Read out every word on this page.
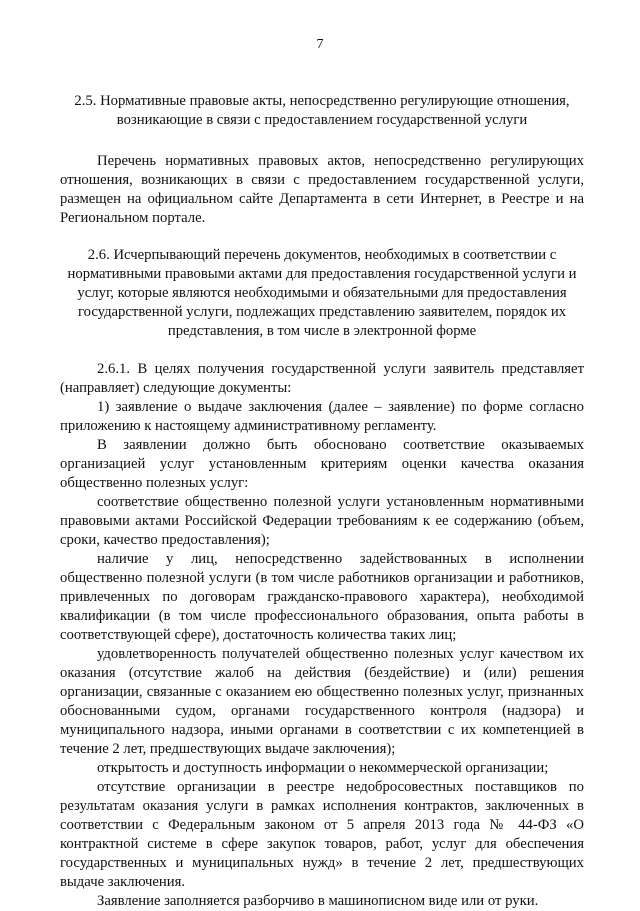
7

2.5. Нормативные правовые акты, непосредственно регулирующие отношения, возникающие в связи с предоставлением государственной услуги

Перечень нормативных правовых актов, непосредственно регулирующих отношения, возникающих в связи с предоставлением государственной услуги, размещен на официальном сайте Департамента в сети Интернет, в Реестре и на Региональном портале.

2.6. Исчерпывающий перечень документов, необходимых в соответствии с нормативными правовыми актами для предоставления государственной услуги и услуг, которые являются необходимыми и обязательными для предоставления государственной услуги, подлежащих представлению заявителем, порядок их представления, в том числе в электронной форме

2.6.1. В целях получения государственной услуги заявитель представляет (направляет) следующие документы:

1) заявление о выдаче заключения (далее – заявление) по форме согласно приложению к настоящему административному регламенту.

В заявлении должно быть обосновано соответствие оказываемых организацией услуг установленным критериям оценки качества оказания общественно полезных услуг:

соответствие общественно полезной услуги установленным нормативными правовыми актами Российской Федерации требованиям к ее содержанию (объем, сроки, качество предоставления);

наличие у лиц, непосредственно задействованных в исполнении общественно полезной услуги (в том числе работников организации и работников, привлеченных по договорам гражданско-правового характера), необходимой квалификации (в том числе профессионального образования, опыта работы в соответствующей сфере), достаточность количества таких лиц;

удовлетворенность получателей общественно полезных услуг качеством их оказания (отсутствие жалоб на действия (бездействие) и (или) решения организации, связанные с оказанием ею общественно полезных услуг, признанных обоснованными судом, органами государственного контроля (надзора) и муниципального надзора, иными органами в соответствии с их компетенцией в течение 2 лет, предшествующих выдаче заключения);

открытость и доступность информации о некоммерческой организации;

отсутствие организации в реестре недобросовестных поставщиков по результатам оказания услуги в рамках исполнения контрактов, заключенных в соответствии с Федеральным законом от 5 апреля 2013 года № 44-ФЗ «О контрактной системе в сфере закупок товаров, работ, услуг для обеспечения государственных и муниципальных нужд» в течение 2 лет, предшествующих выдаче заключения.

Заявление заполняется разборчиво в машинописном виде или от руки.
